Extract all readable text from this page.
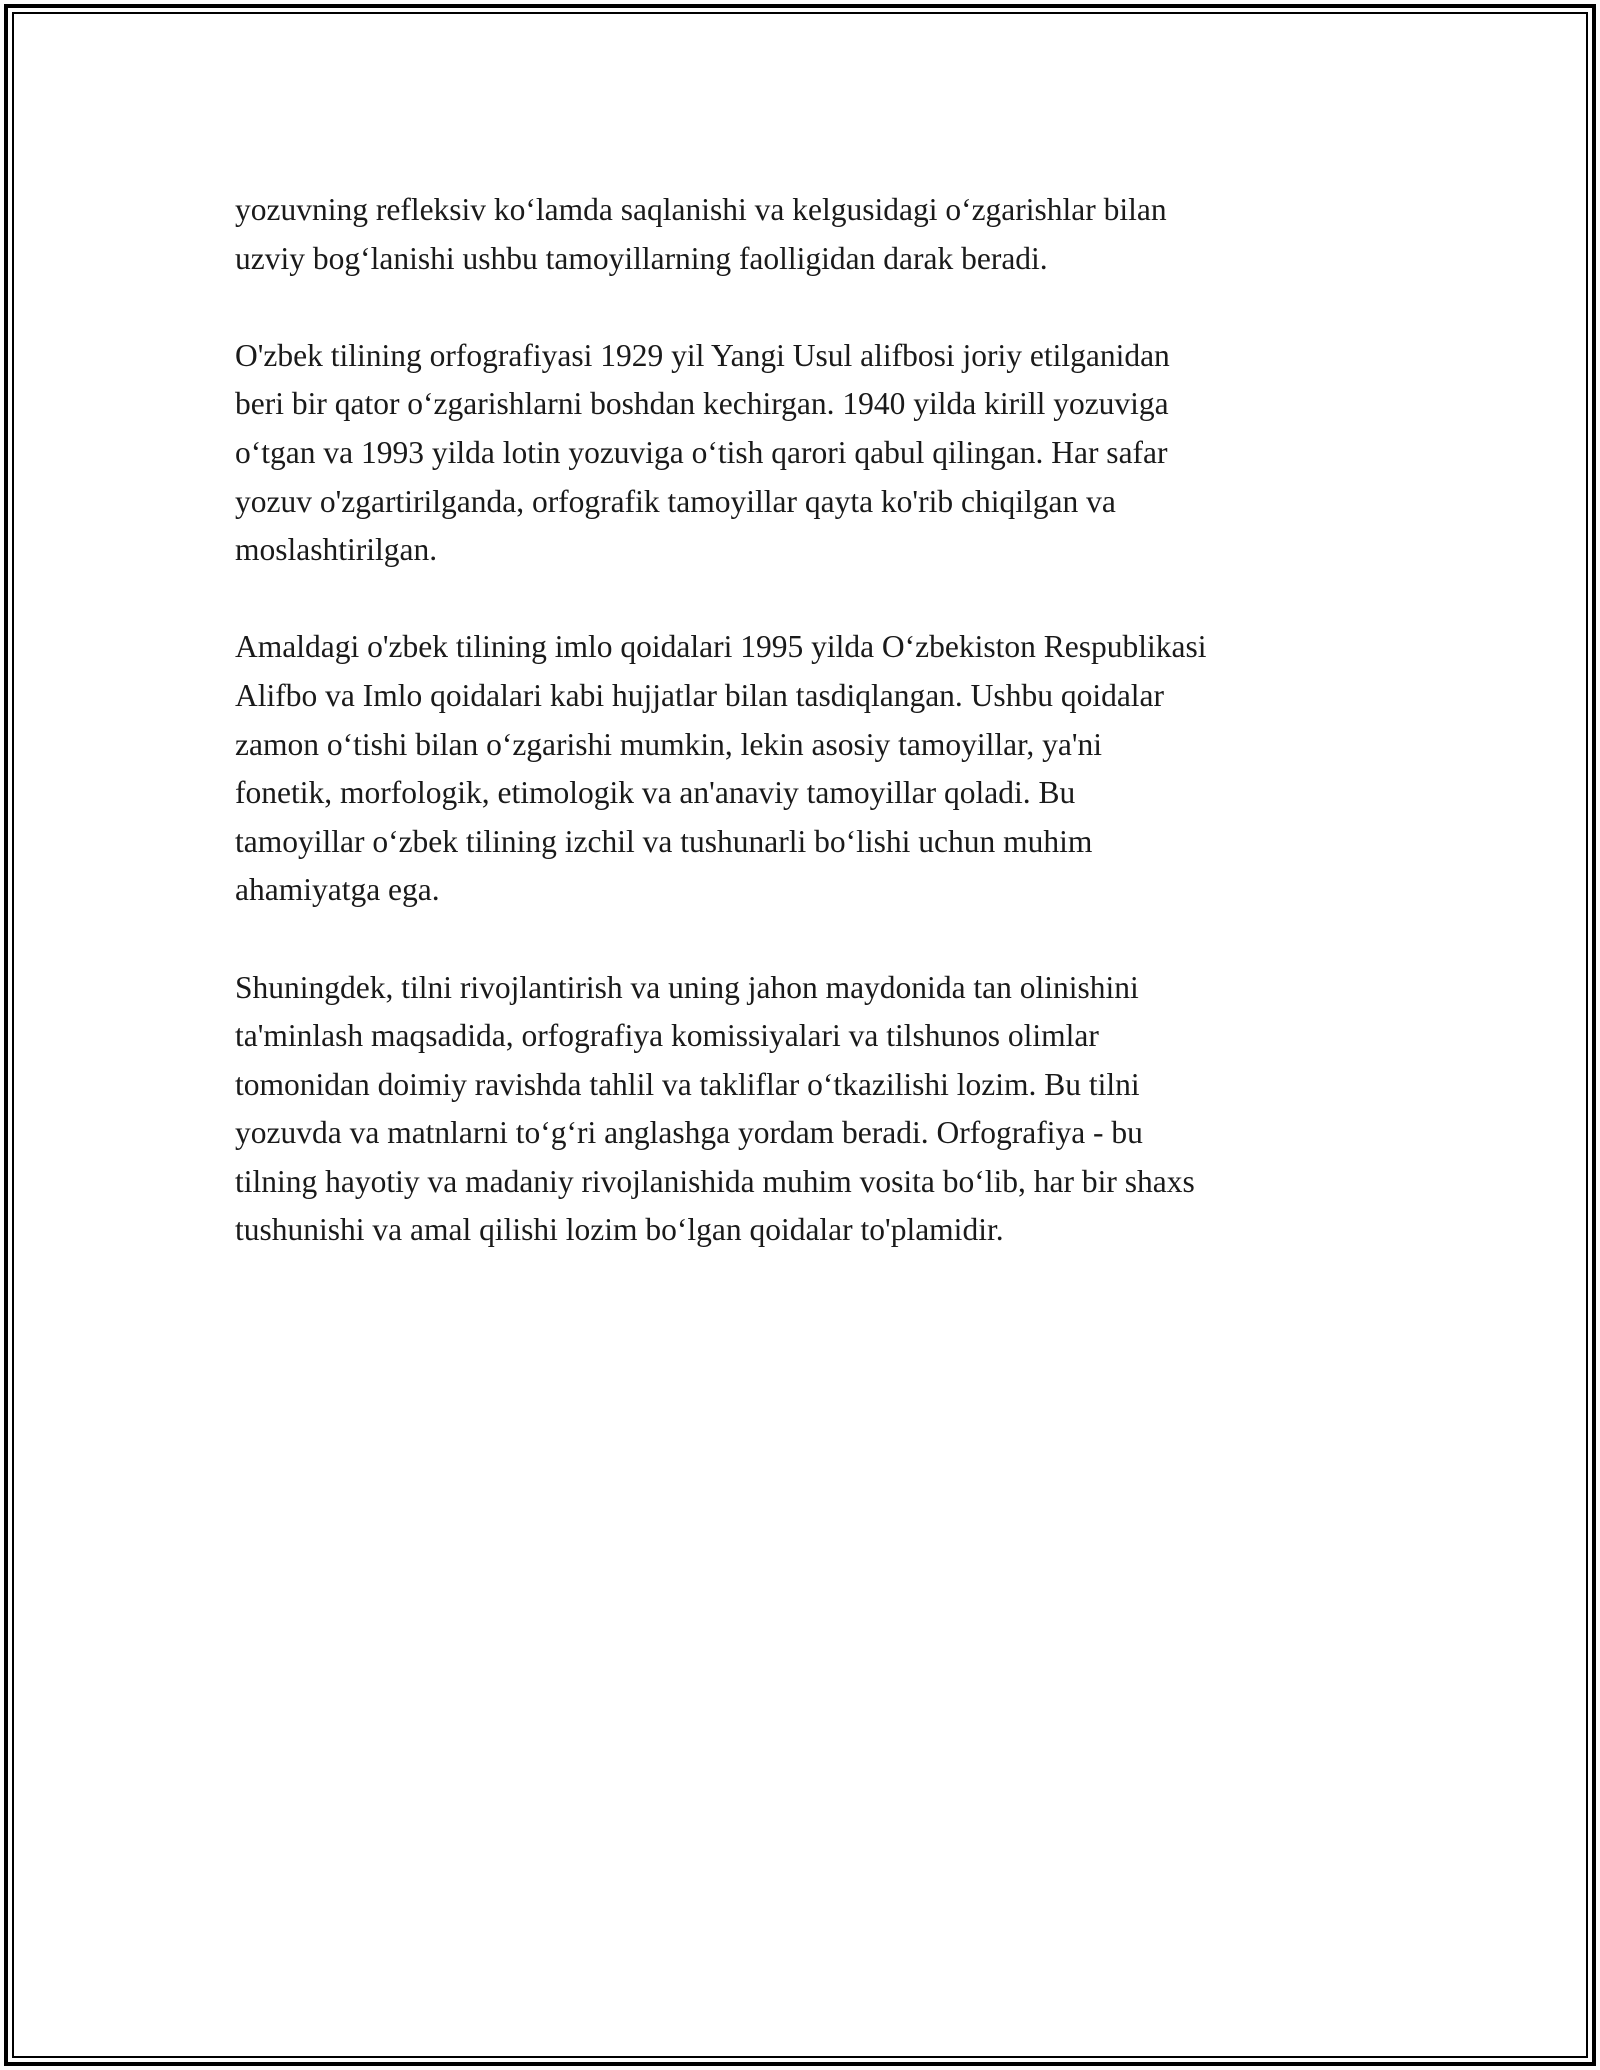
yozuvning refleksiv ko‘lamda saqlanishi va kelgusidagi o‘zgarishlar bilan
uzviy bog‘lanishi ushbu tamoyillarning faolligidan darak beradi.

O'zbek tilining orfografiyasi 1929 yil Yangi Usul alifbosi joriy etilganidan
beri bir qator o‘zgarishlarni boshdan kechirgan. 1940 yilda kirill yozuviga
o‘tgan va 1993 yilda lotin yozuviga o‘tish qarori qabul qilingan. Har safar
yozuv o'zgartirilganda, orfografik tamoyillar qayta ko'rib chiqilgan va
moslashtirilgan.

Amaldagi o'zbek tilining imlo qoidalari 1995 yilda O‘zbekiston Respublikasi
Alifbo va Imlo qoidalari kabi hujjatlar bilan tasdiqlangan. Ushbu qoidalar
zamon o‘tishi bilan o‘zgarishi mumkin, lekin asosiy tamoyillar, ya'ni
fonetik, morfologik, etimologik va an'anaviy tamoyillar qoladi. Bu
tamoyillar o‘zbek tilining izchil va tushunarli bo‘lishi uchun muhim
ahamiyatga ega.

Shuningdek, tilni rivojlantirish va uning jahon maydonida tan olinishini
ta'minlash maqsadida, orfografiya komissiyalari va tilshunos olimlar
tomonidan doimiy ravishda tahlil va takliflar o‘tkazilishi lozim. Bu tilni
yozuvda va matnlarni to‘g‘ri anglashga yordam beradi. Orfografiya - bu
tilning hayotiy va madaniy rivojlanishida muhim vosita bo‘lib, har bir shaxs
tushunishi va amal qilishi lozim bo‘lgan qoidalar to'plamidir.
